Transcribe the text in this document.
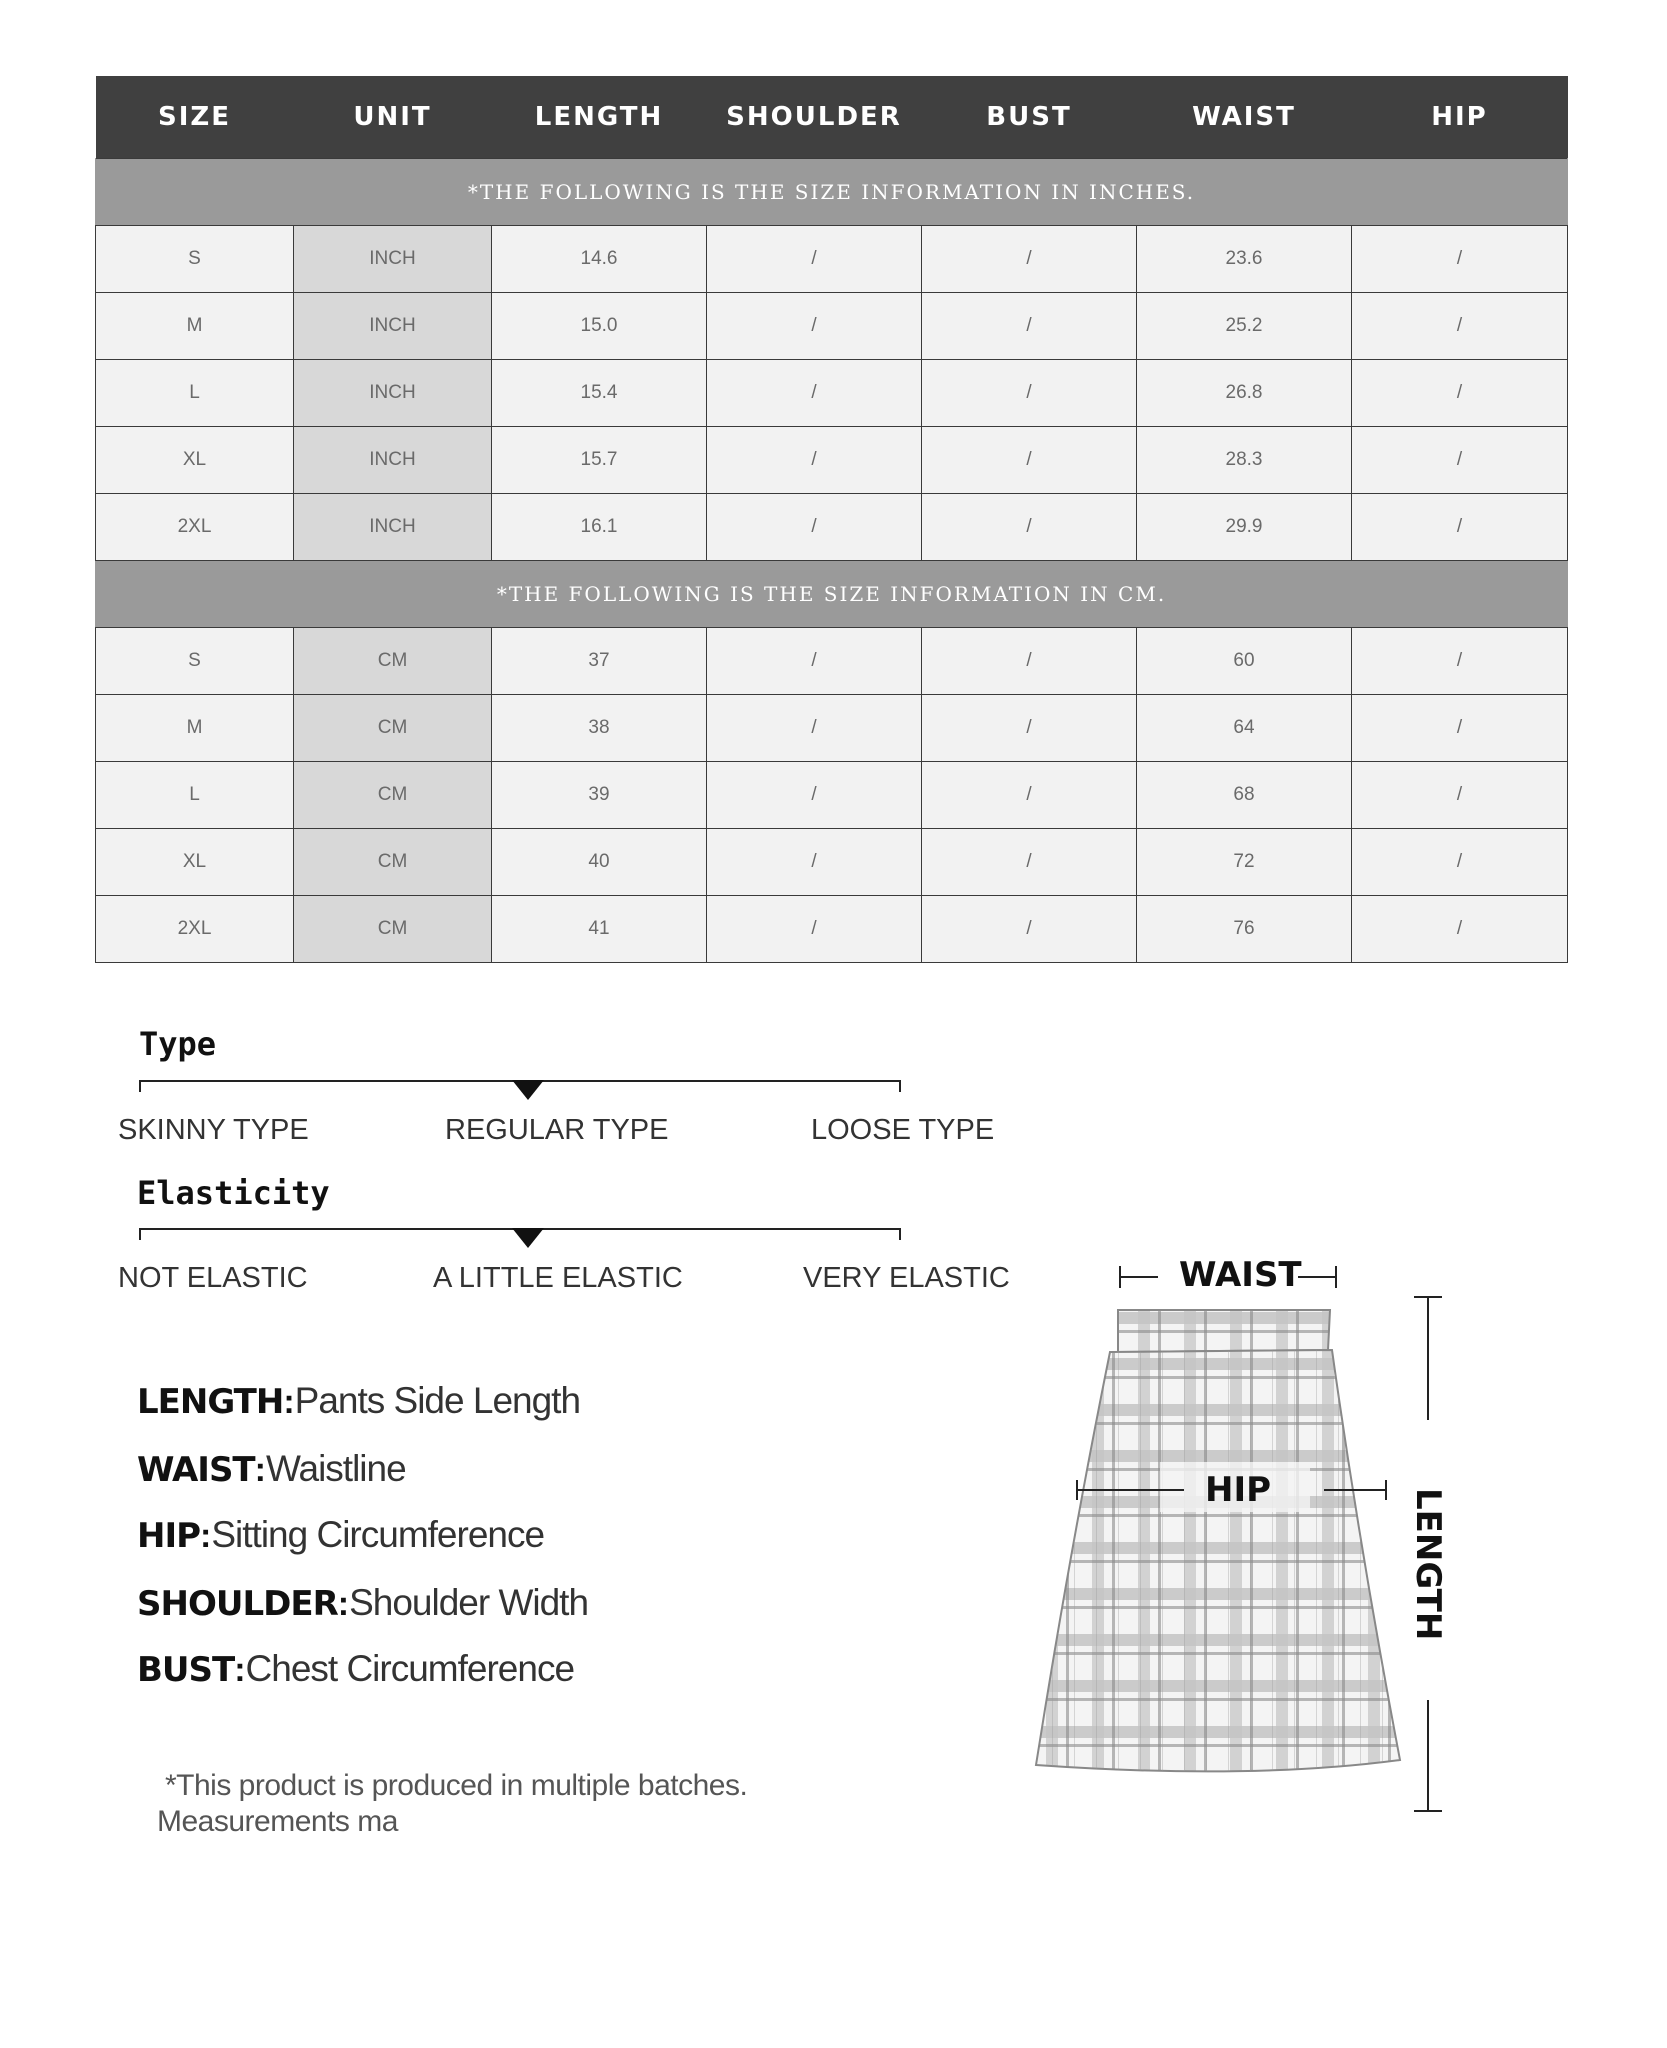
SIZE	UNIT	LENGTH	SHOULDER	BUST	WAIST	HIP
*THE FOLLOWING IS THE SIZE INFORMATION IN INCHES.						
S	INCH	14.6	/	/	23.6	/
M	INCH	15.0	/	/	25.2	/
L	INCH	15.4	/	/	26.8	/
XL	INCH	15.7	/	/	28.3	/
2XL	INCH	16.1	/	/	29.9	/
*THE FOLLOWING IS THE SIZE INFORMATION IN CM.						
S	CM	37	/	/	60	/
M	CM	38	/	/	64	/
L	CM	39	/	/	68	/
XL	CM	40	/	/	72	/
2XL	CM	41	/	/	76	/
Type
SKINNY TYPE	REGULAR TYPE	LOOSE TYPE
Elasticity
NOT ELASTIC	A LITTLE ELASTIC	VERY ELASTIC
LENGTH:Pants Side Length
WAIST:Waistline
HIP:Sitting Circumference
SHOULDER:Shoulder Width
BUST:Chest Circumference
*This product is produced in multiple batches.
Measurements ma
WAIST
HIP	LENGTH
